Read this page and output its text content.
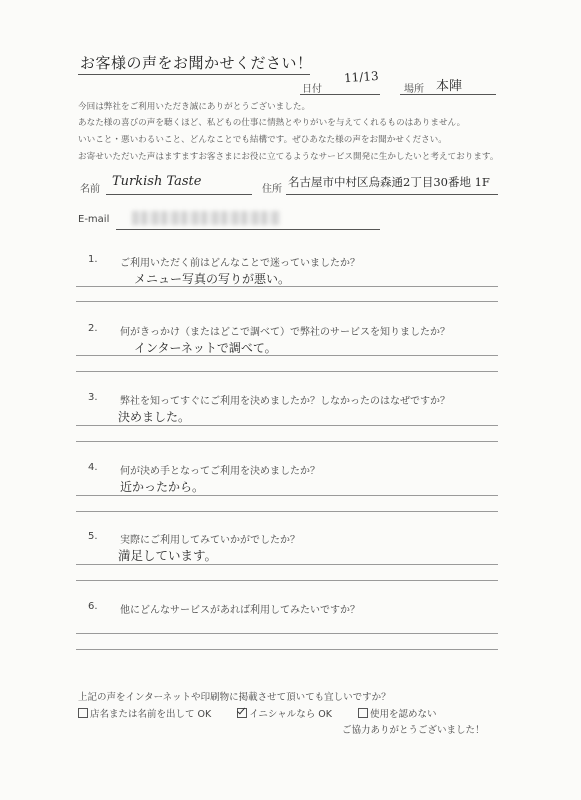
お客様の声をお聞かせください！
日付
11/13
場所 本陣
今回は弊社をご利用いただき誠にありがとうございました。
あなた様の喜びの声を聴くほど、私どもの仕事に情熱とやりがいを与えてくれるものはありません。
いいこと・悪いわるいこと、どんなことでも結構です。ぜひあなた様の声をお聞かせください。
お寄せいただいた声はますますお客さまにお役に立てるようなサービス開発に生かしたいと考えております。
名前
Turkish Taste
住所
名古屋市中村区烏森通2丁目30番地 1F
E-mail
1. ご利用いただく前はどんなことで迷っていましたか？
メニュー写真の写りが悪い。
2. 何がきっかけ（またはどこで調べて）で弊社のサービスを知りましたか？
インターネットで調べて。
3. 弊社を知ってすぐにご利用を決めましたか？しなかったのはなぜですか？
決めました。
4. 何が決め手となってご利用を決めましたか？
近かったから。
5. 実際にご利用してみていかがでしたか？
満足しています。
6. 他にどんなサービスがあれば利用してみたいですか？
上記の声をインターネットや印刷物に掲載させて頂いても宜しいですか？
店名または名前を出して OK	イニシャルなら OK	使用を認めない
ご協力ありがとうございました！
